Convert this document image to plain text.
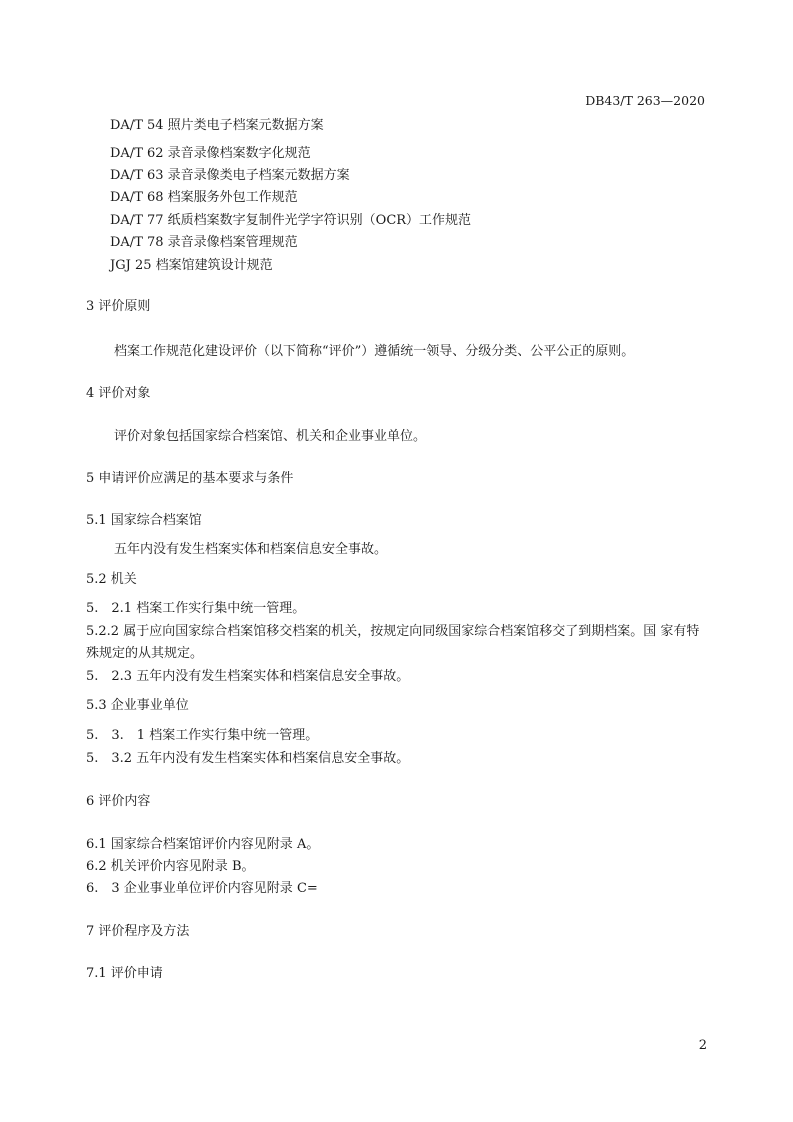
DB43/T 263—2020
DA/T 54 照片类电子档案元数据方案
DA/T 62 录音录像档案数字化规范
DA/T 63 录音录像类电子档案元数据方案
DA/T 68 档案服务外包工作规范
DA/T 77 纸质档案数字复制件光学字符识别（OCR）工作规范
DA/T 78 录音录像档案管理规范
JGJ 25 档案馆建筑设计规范
3 评价原则
档案工作规范化建设评价（以下简称“评价”）遵循统一领导、分级分类、公平公正的原则。
4 评价对象
评价对象包括国家综合档案馆、机关和企业事业单位。
5 申请评价应满足的基本要求与条件
5.1 国家综合档案馆
五年内没有发生档案实体和档案信息安全事故。
5.2 机关
5.　2.1 档案工作实行集中统一管理。
5.2.2 属于应向国家综合档案馆移交档案的机关，按规定向同级国家综合档案馆移交了到期档案。国 家有特
殊规定的从其规定。
5.　2.3 五年内没有发生档案实体和档案信息安全事故。
5.3 企业事业单位
5.　3.　1 档案工作实行集中统一管理。
5.　3.2 五年内没有发生档案实体和档案信息安全事故。
6 评价内容
6.1 国家综合档案馆评价内容见附录 A。
6.2 机关评价内容见附录 B。
6.　3 企业事业单位评价内容见附录 C=
7 评价程序及方法
7.1 评价申请
2
